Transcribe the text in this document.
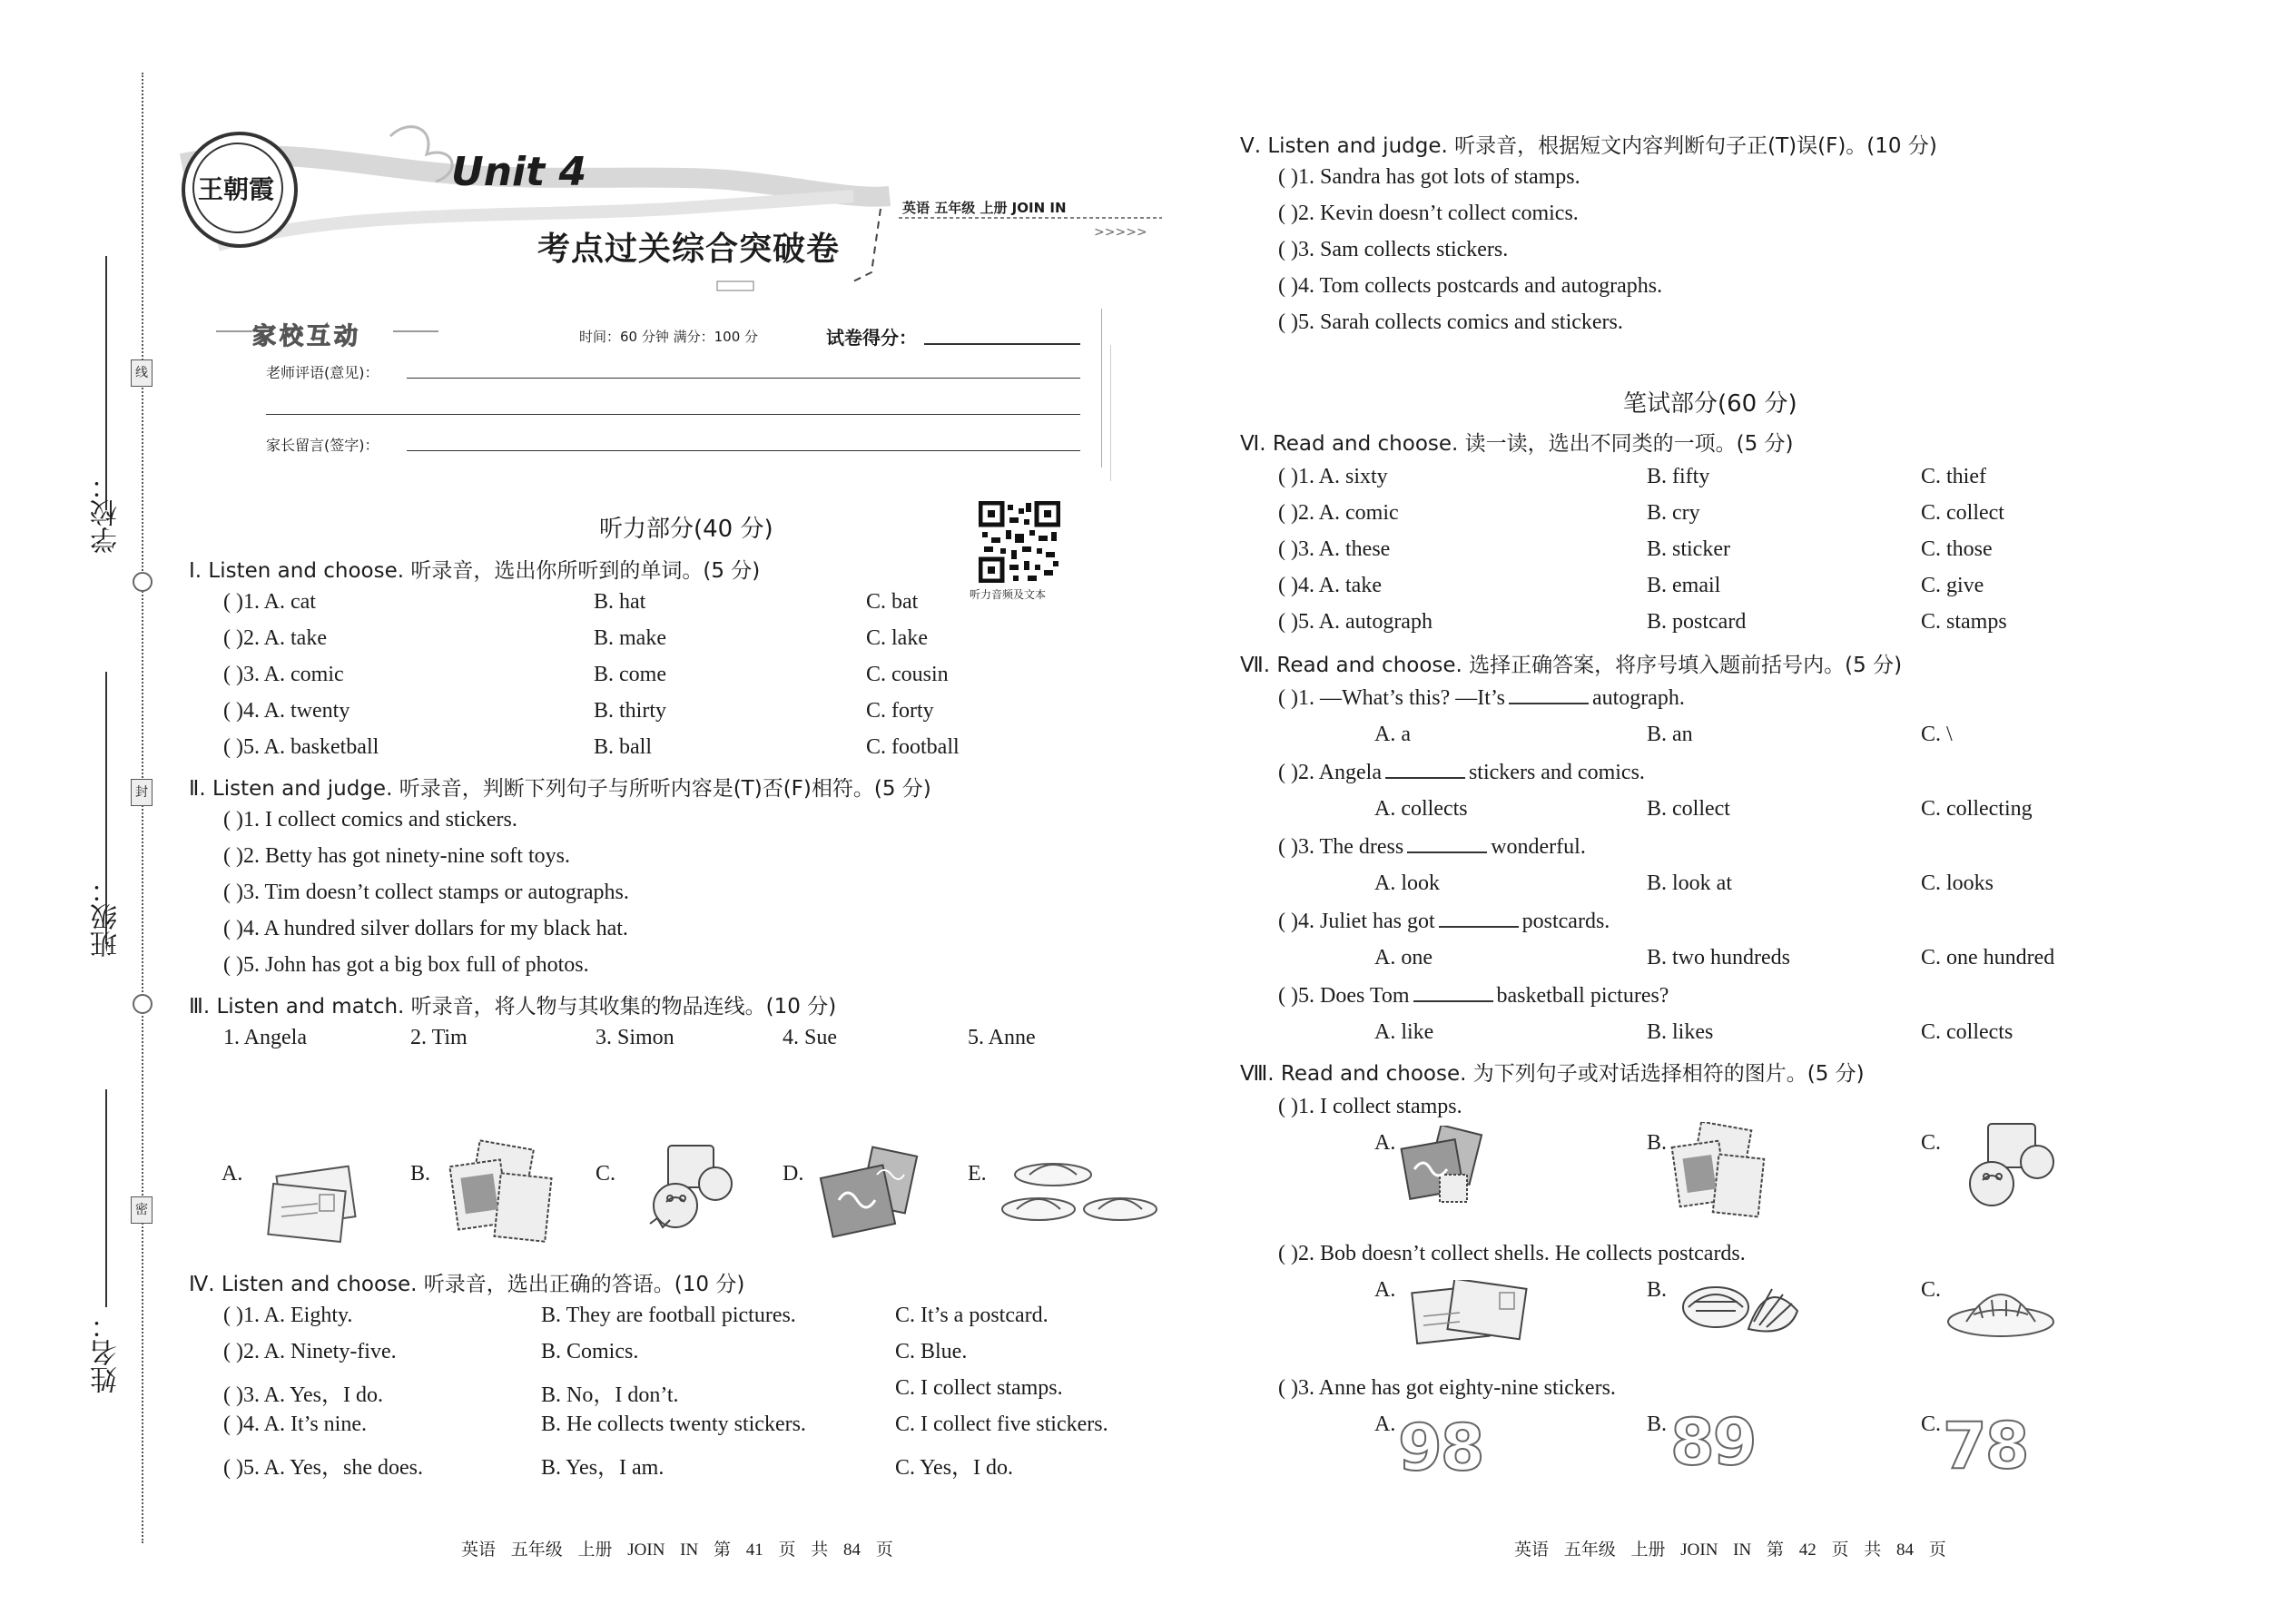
学校：
班级：
姓名：
线
封
密
>>>>>
王朝霞	Unit 4
考点过关综合突破卷
英语 五年级 上册 JOIN IN
家校互动	时间：60 分钟 满分：100 分	试卷得分：
老师评语(意见)：
家长留言(签字)：
听力音频及文本
听力部分(40 分)
Ⅰ. Listen and choose. 听录音，选出你所听到的单词。(5 分)
( )1. A. cat	B. hat	C. bat
( )2. A. take	B. make	C. lake
( )3. A. comic	B. come	C. cousin
( )4. A. twenty	B. thirty	C. forty
( )5. A. basketball	B. ball	C. football
Ⅱ. Listen and judge. 听录音，判断下列句子与所听内容是(T)否(F)相符。(5 分)
( )1. I collect comics and stickers.
( )2. Betty has got ninety-nine soft toys.
( )3. Tim doesn’t collect stamps or autographs.
( )4. A hundred silver dollars for my black hat.
( )5. John has got a big box full of photos.
Ⅲ. Listen and match. 听录音，将人物与其收集的物品连线。(10 分)
1. Angela	2. Tim	3. Simon	4. Sue	5. Anne
A.	B.	C.	D.	E.
Ⅳ. Listen and choose. 听录音，选出正确的答语。(10 分)
( )1. A. Eighty.	B. They are football pictures.	C. It’s a postcard.
( )2. A. Ninety-five.	B. Comics.	C. Blue.
( )3. A. Yes，I do.	B. No，I don’t.	C. I collect stamps.
( )4. A. It’s nine.	B. He collects twenty stickers.	C. I collect five stickers.
( )5. A. Yes，she does.	B. Yes，I am.	C. Yes，I do.
Ⅴ. Listen and judge. 听录音，根据短文内容判断句子正(T)误(F)。(10 分)
( )1. Sandra has got lots of stamps.
( )2. Kevin doesn’t collect comics.
( )3. Sam collects stickers.
( )4. Tom collects postcards and autographs.
( )5. Sarah collects comics and stickers.
笔试部分(60 分)
Ⅵ. Read and choose. 读一读，选出不同类的一项。(5 分)
( )1. A. sixty	B. fifty	C. thief
( )2. A. comic	B. cry	C. collect
( )3. A. these	B. sticker	C. those
( )4. A. take	B. email	C. give
( )5. A. autograph	B. postcard	C. stamps
Ⅶ. Read and choose. 选择正确答案，将序号填入题前括号内。(5 分)
( )1. —What’s this? —It’s	autograph.
A. a	B. an	C. \
( )2. Angela	stickers and comics.
A. collects	B. collect	C. collecting
( )3. The dress	wonderful.
A. look	B. look at	C. looks
( )4. Juliet has got	postcards.
A. one	B. two hundreds	C. one hundred
( )5. Does Tom	basketball pictures?
A. like	B. likes	C. collects
Ⅷ. Read and choose. 为下列句子或对话选择相符的图片。(5 分)
( )1. I collect stamps.
A.	B.	C.
( )2. Bob doesn’t collect shells. He collects postcards.
A.	B.	C.
( )3. Anne has got eighty-nine stickers.
A.	B.	C.
98	89	78
英语 五年级 上册 JOIN IN 第 41 页 共 84 页	英语 五年级 上册 JOIN IN 第 42 页 共 84 页
